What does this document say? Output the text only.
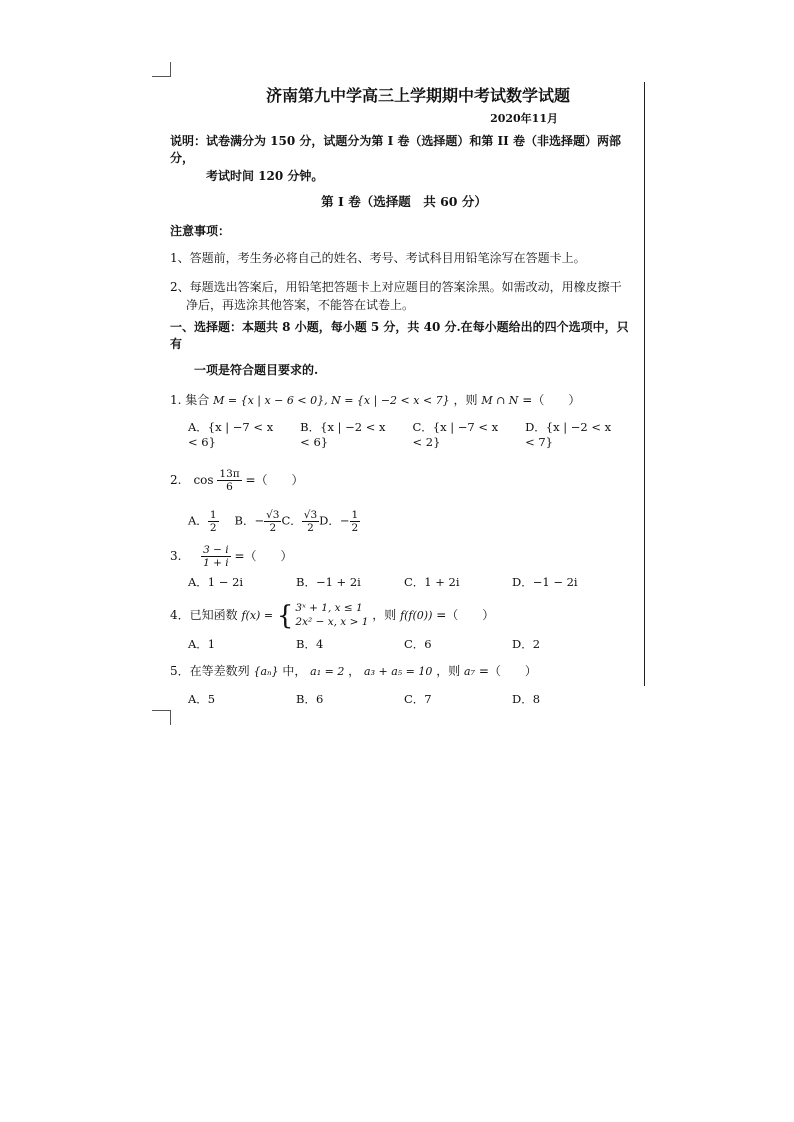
济南第九中学高三上学期期中考试数学试题
2020年11月
说明：试卷满分为 150 分，试题分为第 I 卷（选择题）和第 II 卷（非选择题）两部分，
考试时间 120 分钟。
第 I 卷（选择题　共 60 分）
注意事项：
1、答题前，考生务必将自己的姓名、考号、考试科目用铅笔涂写在答题卡上。
2、每题选出答案后，用铅笔把答题卡上对应题目的答案涂黑。如需改动，用橡皮擦干
净后，再选涂其他答案，不能答在试卷上。
一、选择题：本题共 8 小题，每小题 5 分，共 40 分.在每小题给出的四个选项中，只有
一项是符合题目要求的.
1. 集合 M = {x | x − 6 < 0}, N = {x | −2 < x < 7} ，则 M ∩ N =（　　）
A．{x | −7 < x < 6}
B．{x | −2 < x < 6}
C．{x | −7 < x < 2}
D．{x | −2 < x < 7}
2.　$\cos \frac{13\pi}{6}$ =（　　）
A． $\frac{1}{2}$ B．− $\frac{√3}{2}$ C． $\frac{√3}{2}$ D．− $\frac{1}{2}$
3. $\frac{3 - i}{1 + i}$ =（　　）
A．1 − 2i	B．−1 + 2i	C．1 + 2i	D．−1 − 2i
4．已知函数 f(x) = { 3ˣ + 1, x ≤ 1
2x² − x, x > 1 ，则 f(f(0)) =（　　）
A．1	B．4	C．6	D．2
5．在等差数列 {aₙ} 中， a₁ = 2 ， a₃ + a₅ = 10 ，则 a₇ =（　　）
A．5	B．6	C．7	D．8
